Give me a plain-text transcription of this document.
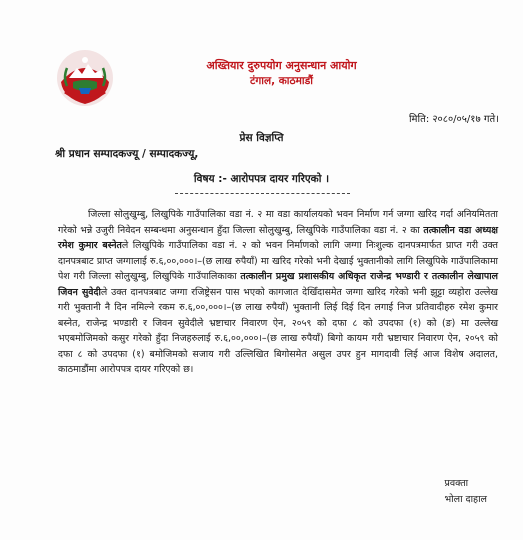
अख्तियार दुरुपयोग अनुसन्धान आयोग
टंगाल, काठमाडौं
मिति: २०८०/०५/१७ गते।
प्रेस विज्ञप्ति
श्री प्रधान सम्पादकज्यू / सम्पादकज्यू,
विषय :- आरोपपत्र दायर गरिएको ।
जिल्ला सोलुखुम्बु, लिखुपिके गाउँपालिका वडा नं. २ मा वडा कार्यालयको भवन निर्माण गर्न जग्गा खरिद गर्दा अनियमितता गरेको भन्ने उजुरी निवेदन सम्बन्धमा अनुसन्धान हुँदा जिल्ला सोलुखुम्बु, लिखुपिके गाउँपालिका वडा नं. २ का तत्कालीन वडा अध्यक्ष रमेश कुमार बस्नेतले लिखुपिके गाउँपालिका वडा नं. २ को भवन निर्माणको लागि जग्गा निःशुल्क दानपत्रमार्फत प्राप्त गरी उक्त दानपत्रबाट प्राप्त जग्गालाई रु.६,००,०००।–(छ लाख रुपैयाँ) मा खरिद गरेको भनी देखाई भुक्तानीको लागि लिखुपिके गाउँपालिकामा पेश गरी जिल्ला सोलुखुम्बु, लिखुपिके गाउँपालिकाका तत्कालीन प्रमुख प्रशासकीय अधिकृत राजेन्द्र भण्डारी र तत्कालीन लेखापाल जिवन सुवेदीले उक्त दानपत्रबाट जग्गा रजिष्ट्रेसन पास भएको कागजात देखिँदासमेत जग्गा खरिद गरेको भनी झुट्टा व्यहोरा उल्लेख गरी भुक्तानी नै दिन नमिल्ने रकम रु.६,००,०००।–(छ लाख रुपैयाँ) भुक्तानी लिई दिई दिन लगाई निज प्रतिवादीहरु रमेश कुमार बस्नेत, राजेन्द्र भण्डारी र जिवन सुवेदीले भ्रष्टाचार निवारण ऐन, २०५९ को दफा ८ को उपदफा (१) को (ङ) मा उल्लेख भएबमोजिमको कसुर गरेको हुँदा निजहरुलाई रु.६,००,०००।–(छ लाख रुपैयाँ) बिगो कायम गरी भ्रष्टाचार निवारण ऐन, २०५९ को दफा ८ को उपदफा (१) बमोजिमको सजाय गरी उल्लिखित बिगोसमेत असुल उपर हुन मागदावी लिई आज विशेष अदालत, काठमाडौंमा आरोपपत्र दायर गरिएको छ।
प्रवक्ता
भोला दाहाल
